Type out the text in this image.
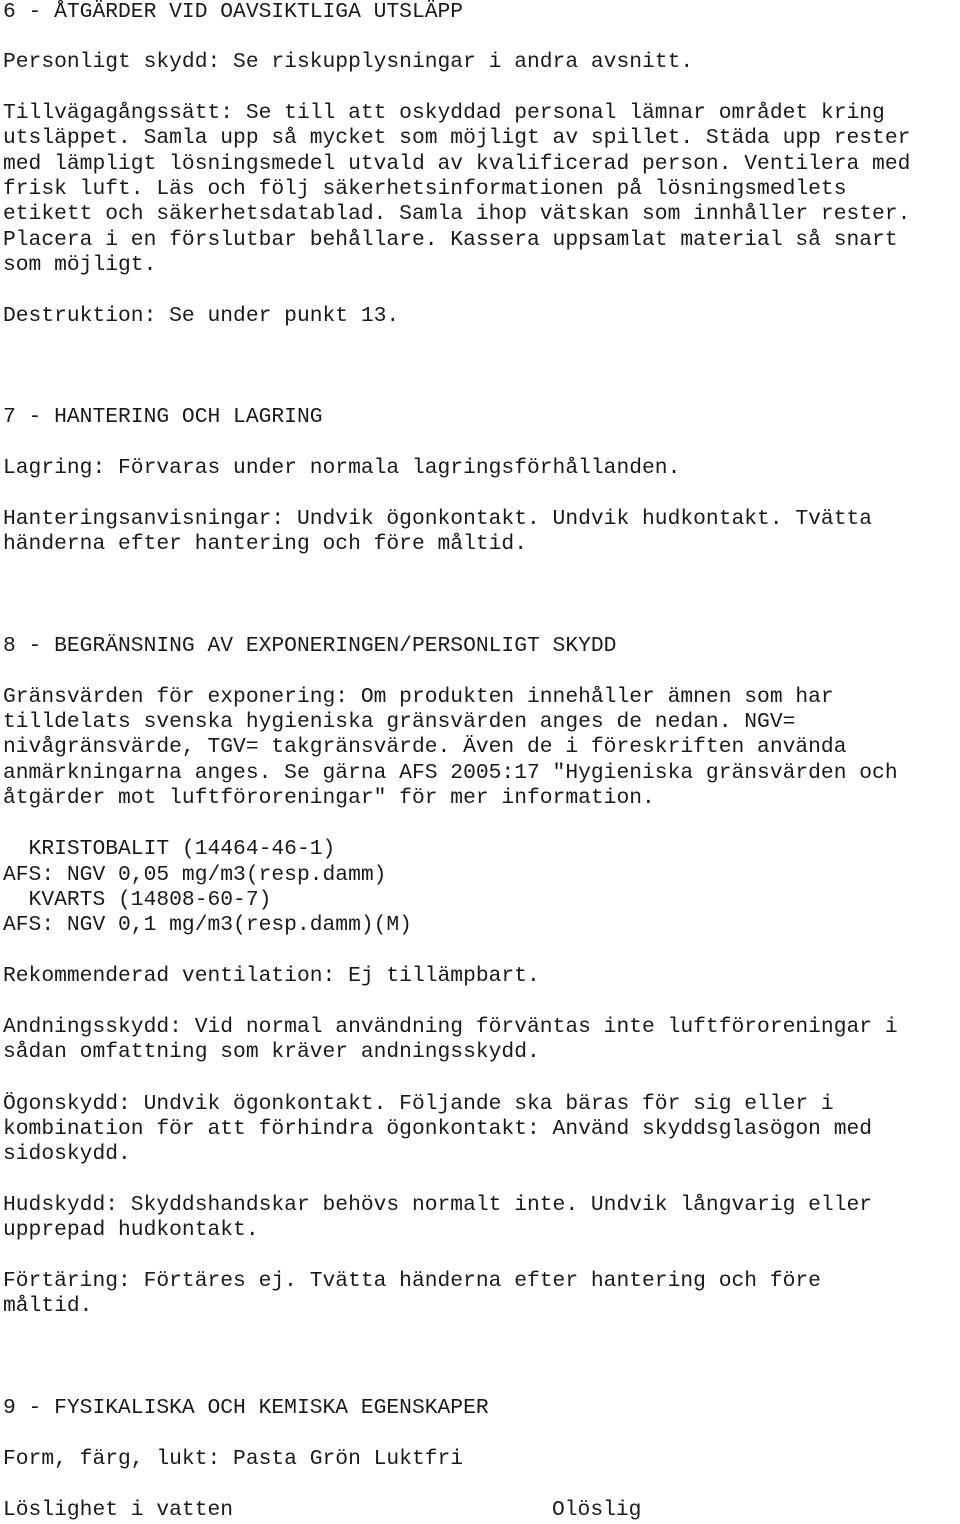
6 - ÅTGÄRDER VID OAVSIKTLIGA UTSLÄPP

Personligt skydd: Se riskupplysningar i andra avsnitt.

Tillvägagångssätt: Se till att oskyddad personal lämnar området kring

utsläppet. Samla upp så mycket som möjligt av spillet. Städa upp rester

med lämpligt lösningsmedel utvald av kvalificerad person. Ventilera med

frisk luft. Läs och följ säkerhetsinformationen på lösningsmedlets

etikett och säkerhetsdatablad. Samla ihop vätskan som innhåller rester.

Placera i en förslutbar behållare. Kassera uppsamlat material så snart

som möjligt.

Destruktion: Se under punkt 13.

7 - HANTERING OCH LAGRING

Lagring: Förvaras under normala lagringsförhållanden.

Hanteringsanvisningar: Undvik ögonkontakt. Undvik hudkontakt. Tvätta

händerna efter hantering och före måltid.

8 - BEGRÄNSNING AV EXPONERINGEN/PERSONLIGT SKYDD

Gränsvärden för exponering: Om produkten innehåller ämnen som har

tilldelats svenska hygieniska gränsvärden anges de nedan. NGV=

nivågränsvärde, TGV= takgränsvärde. Även de i föreskriften använda

anmärkningarna anges. Se gärna AFS 2005:17 "Hygieniska gränsvärden och

åtgärder mot luftföroreningar" för mer information.

KRISTOBALIT (14464-46-1)

AFS: NGV 0,05 mg/m3(resp.damm)

KVARTS (14808-60-7)

AFS: NGV 0,1 mg/m3(resp.damm)(M)

Rekommenderad ventilation: Ej tillämpbart.

Andningsskydd: Vid normal användning förväntas inte luftföroreningar i

sådan omfattning som kräver andningsskydd.

Ögonskydd: Undvik ögonkontakt. Följande ska bäras för sig eller i

kombination för att förhindra ögonkontakt: Använd skyddsglasögon med

sidoskydd.

Hudskydd: Skyddshandskar behövs normalt inte. Undvik långvarig eller

upprepad hudkontakt.

Förtäring: Förtäres ej. Tvätta händerna efter hantering och före

måltid.

9 - FYSIKALISKA OCH KEMISKA EGENSKAPER

Form, färg, lukt: Pasta Grön Luktfri

Löslighet i vatten

	Olöslig
